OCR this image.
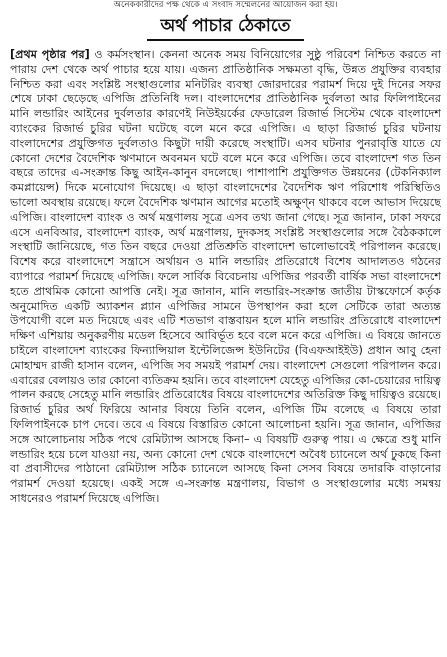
অনেককারীদের পক্ষ থেকে এ সংবাদ সম্মেলনের আয়োজন করা হয়।
অর্থ পাচার ঠেকাতে

[প্রথম পৃষ্ঠার পর] ও কর্মসংস্থান। কেননা অনেক সময় বিনিয়োগের সুষ্ঠু পরিবেশ নিশ্চিত করতে না পারায় দেশ থেকে অর্থ পাচার হয়ে যায়। এজন্য প্রাতিষ্ঠানিক সক্ষমতা বৃদ্ধি, উন্নত প্রযুক্তির ব্যবহার নিশ্চিত করা এবং সংশ্লিষ্ট সংস্থাগুলোর মনিটরিং ব্যবস্থা জোরদারের পরামর্শ দিয়ে দুই দিনের সফর শেষে ঢাকা ছেড়েছে এপিজি প্রতিনিধি দল। বাংলাদেশের প্রাতিষ্ঠানিক দুর্বলতা আর ফিলিপাইনের মানি লন্ডারিং আইনের দুর্বলতার কারণেই নিউইয়র্কের ফেডারেল রিজার্ভ সিস্টেম থেকে বাংলাদেশ ব্যাংকের রিজার্ভ চুরির ঘটনা ঘটেছে বলে মনে করে এপিজি। এ ছাড়া রিজার্ভ চুরির ঘটনায় বাংলাদেশের প্রযুক্তিগত দুর্বলতাও কিছুটা দায়ী করেছে সংস্থাটি। এসব ঘটনার পুনরাবৃত্তি যাতে যে কোনো দেশের বৈদেশিক ঋণমানে অবনমন ঘটে বলে মনে করে এপিজি। তবে বাংলাদেশ গত তিন বছরে তাদের এ-সংক্রান্ত কিছু আইন-কানুন বদলেছে। পাশাপাশি প্রযুক্তিগত উন্নয়নের (টেকনিক্যাল কমপ্লায়েন্স) দিকে মনোযোগ দিয়েছে। এ ছাড়া বাংলাদেশের বৈদেশিক ঋণ পরিশোধ পরিস্থিতিও ভালো অবস্থায় রয়েছে। ফলে বৈদেশিক ঋণমান আগের মতোই অক্ষুণ্ন থাকবে বলে আভাস দিয়েছে এপিজি। বাংলাদেশ ব্যাংক ও অর্থ মন্ত্রণালয় সূত্রে এসব তথ্য জানা গেছে। সূত্র জানান, ঢাকা সফরে এসে এনবিআর, বাংলাদেশ ব্যাংক, অর্থ মন্ত্রণালয়, দুদকসহ সংশ্লিষ্ট সংস্থাগুলোর সঙ্গে বৈঠককালে সংস্থাটি জানিয়েছে, গত তিন বছরে দেওয়া প্রতিশ্রুতি বাংলাদেশ ভালোভাবেই পরিপালন করেছে। বিশেষ করে বাংলাদেশে সন্ত্রাসে অর্থায়ন ও মানি লন্ডারিং প্রতিরোধে বিশেষ আদালতও গঠনের ব্যাপারে পরামর্শ দিয়েছে এপিজি। ফলে সার্বিক বিবেচনায় এপিজির পরবর্তী বার্ষিক সভা বাংলাদেশে হতে প্রাথমিক কোনো আপত্তি নেই। সূত্র জানান, মানি লন্ডারিং-সংক্রান্ত জাতীয় টাস্কফোর্সে কর্তৃক অনুমোদিত একটি অ্যাকশন প্ল্যান এপিজির সামনে উপস্থাপন করা হলে সেটিকে তারা অত্যন্ত উপযোগী বলে মত দিয়েছে এবং এটি শতভাগ বাস্তবায়ন হলে মানি লন্ডারিং প্রতিরোধে বাংলাদেশ দক্ষিণ এশিয়ায় অনুকরণীয় মডেল হিসেবে আবির্ভূত হবে বলে মনে করে এপিজি। এ বিষয়ে জানতে চাইলে বাংলাদেশ ব্যাংকের ফিন্যান্সিয়াল ইন্টেলিজেন্স ইউনিটের (বিএফআইইউ) প্রধান আবু হেনা মোহাম্মদ রাজী হাসান বলেন, এপিজি সব সময়ই পরামর্শ দেয়। বাংলাদেশ সেগুলো পরিপালন করে। এবারের বেলায়ও তার কোনো ব্যতিক্রম হয়নি। তবে বাংলাদেশ যেহেতু এপিজির কো-চেয়ারের দায়িত্ব পালন করছে সেহেতু মানি লন্ডারিং প্রতিরোধের বিষয়ে বাংলাদেশের অতিরিক্ত কিছু দায়িত্বও রয়েছে। রিজার্ভ চুরির অর্থ ফিরিয়ে আনার বিষয়ে তিনি বলেন, এপিজি টিম বলেছে এ বিষয়ে তারা ফিলিপাইনকে চাপ দেবে। তবে এ বিষয়ে বিস্তারিত কোনো আলোচনা হয়নি। সূত্র জানান, এপিজির সঙ্গে আলোচনায় সঠিক পথে রেমিট্যান্স আসছে কিনা– এ বিষয়টি গুরুত্ব পায়। এ ক্ষেত্রে শুধু মানি লন্ডারিং হয়ে চলে যাওয়া নয়, অন্য কোনো দেশ থেকে বাংলাদেশে অবৈধ চ্যানেলে অর্থ ঢুকছে কিনা বা প্রবাসীদের পাঠানো রেমিট্যান্স সঠিক চ্যানেলে আসছে কিনা সেসব বিষয়ে তদারকি বাড়ানোর পরামর্শ দেওয়া হয়েছে। একই সঙ্গে এ-সংক্রান্ত মন্ত্রণালয়, বিভাগ ও সংস্থাগুলোর মধ্যে সমন্বয় সাধনেরও পরামর্শ দিয়েছে এপিজি।
